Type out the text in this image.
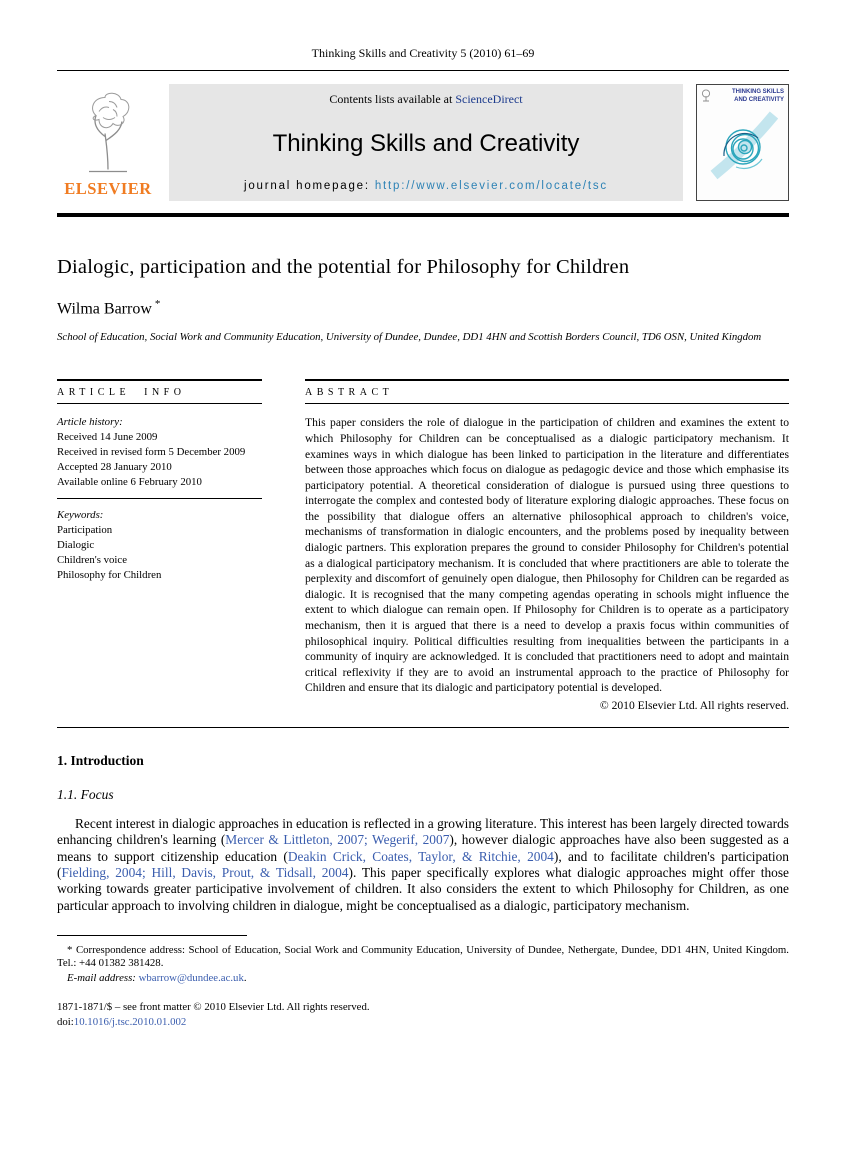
Thinking Skills and Creativity 5 (2010) 61–69
ELSEVIER
Contents lists available at ScienceDirect
Thinking Skills and Creativity
journal homepage: http://www.elsevier.com/locate/tsc
THINKING SKILLS AND CREATIVITY
Dialogic, participation and the potential for Philosophy for Children
Wilma Barrow *
School of Education, Social Work and Community Education, University of Dundee, Dundee, DD1 4HN and Scottish Borders Council, TD6 OSN, United Kingdom
ARTICLE INFO
Article history:
Received 14 June 2009
Received in revised form 5 December 2009
Accepted 28 January 2010
Available online 6 February 2010
Keywords:
Participation
Dialogic
Children's voice
Philosophy for Children
ABSTRACT
This paper considers the role of dialogue in the participation of children and examines the extent to which Philosophy for Children can be conceptualised as a dialogic participatory mechanism. It examines ways in which dialogue has been linked to participation in the literature and differentiates between those approaches which focus on dialogue as pedagogic device and those which emphasise its participatory potential. A theoretical consideration of dialogue is pursued using three questions to interrogate the complex and contested body of literature exploring dialogic approaches. These focus on the possibility that dialogue offers an alternative philosophical approach to children's voice, mechanisms of transformation in dialogic encounters, and the problems posed by inequality between dialogic partners. This exploration prepares the ground to consider Philosophy for Children's potential as a dialogical participatory mechanism. It is concluded that where practitioners are able to tolerate the perplexity and discomfort of genuinely open dialogue, then Philosophy for Children can be regarded as dialogic. It is recognised that the many competing agendas operating in schools might influence the extent to which dialogue can remain open. If Philosophy for Children is to operate as a participatory mechanism, then it is argued that there is a need to develop a praxis focus within communities of philosophical inquiry. Political difficulties resulting from inequalities between the participants in a community of inquiry are acknowledged. It is concluded that practitioners need to adopt and maintain critical reflexivity if they are to avoid an instrumental approach to the practice of Philosophy for Children and ensure that its dialogic and participatory potential is developed.
© 2010 Elsevier Ltd. All rights reserved.
1. Introduction
1.1. Focus

Recent interest in dialogic approaches in education is reflected in a growing literature. This interest has been largely directed towards enhancing children's learning (Mercer & Littleton, 2007; Wegerif, 2007), however dialogic approaches have also been suggested as a means to support citizenship education (Deakin Crick, Coates, Taylor, & Ritchie, 2004), and to facilitate children's participation (Fielding, 2004; Hill, Davis, Prout, & Tidsall, 2004). This paper specifically explores what dialogic approaches might offer those working towards greater participative involvement of children. It also considers the extent to which Philosophy for Children, as one particular approach to involving children in dialogue, might be conceptualised as a dialogic, participatory mechanism.

* Correspondence address: School of Education, Social Work and Community Education, University of Dundee, Nethergate, Dundee, DD1 4HN, United Kingdom. Tel.: +44 01382 381428.
E-mail address: wbarrow@dundee.ac.uk.
1871-1871/$ – see front matter © 2010 Elsevier Ltd. All rights reserved.
doi:10.1016/j.tsc.2010.01.002
